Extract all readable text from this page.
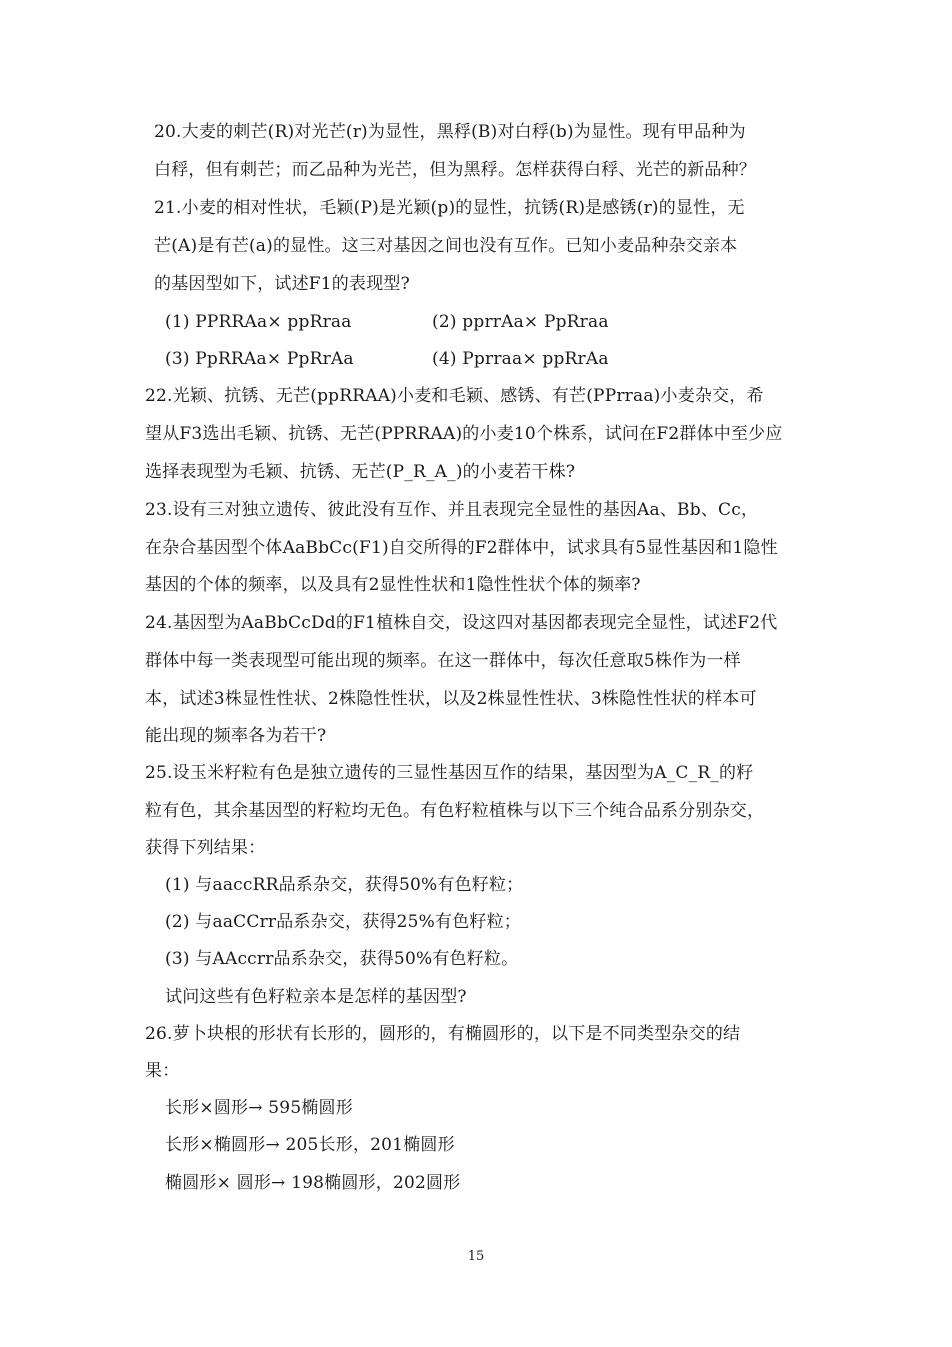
20.大麦的刺芒(R)对光芒(r)为显性，黑稃(B)对白稃(b)为显性。现有甲品种为
白稃，但有刺芒；而乙品种为光芒，但为黑稃。怎样获得白稃、光芒的新品种？
21.小麦的相对性状，毛颖(P)是光颖(p)的显性，抗锈(R)是感锈(r)的显性，无
芒(A)是有芒(a)的显性。这三对基因之间也没有互作。已知小麦品种杂交亲本
的基因型如下，试述F1的表现型?
(1) PPRRAa× ppRraa	(2) pprrAa× PpRraa
(3) PpRRAa× PpRrAa	(4) Pprraa× ppRrAa
22.光颖、抗锈、无芒(ppRRAA)小麦和毛颖、感锈、有芒(PPrraa)小麦杂交，希
望从F3选出毛颖、抗锈、无芒(PPRRAA)的小麦10个株系，试问在F2群体中至少应
选择表现型为毛颖、抗锈、无芒(P_R_A_)的小麦若干株?
23.设有三对独立遗传、彼此没有互作、并且表现完全显性的基因Aa、Bb、Cc，
在杂合基因型个体AaBbCc(F1)自交所得的F2群体中，试求具有5显性基因和1隐性
基因的个体的频率，以及具有2显性性状和1隐性性状个体的频率?
24.基因型为AaBbCcDd的F1植株自交，设这四对基因都表现完全显性，试述F2代
群体中每一类表现型可能出现的频率。在这一群体中，每次任意取5株作为一样
本，试述3株显性性状、2株隐性性状，以及2株显性性状、3株隐性性状的样本可
能出现的频率各为若干?
25.设玉米籽粒有色是独立遗传的三显性基因互作的结果，基因型为A_C_R_的籽
粒有色，其余基因型的籽粒均无色。有色籽粒植株与以下三个纯合品系分别杂交，
获得下列结果：
(1) 与aaccRR品系杂交，获得50%有色籽粒；
(2) 与aaCCrr品系杂交，获得25%有色籽粒；
(3) 与AAccrr品系杂交，获得50%有色籽粒。
试问这些有色籽粒亲本是怎样的基因型?
26.萝卜块根的形状有长形的，圆形的，有椭圆形的，以下是不同类型杂交的结
果：
长形×圆形→ 595椭圆形
长形×椭圆形→ 205长形，201椭圆形
椭圆形× 圆形→ 198椭圆形，202圆形
15
